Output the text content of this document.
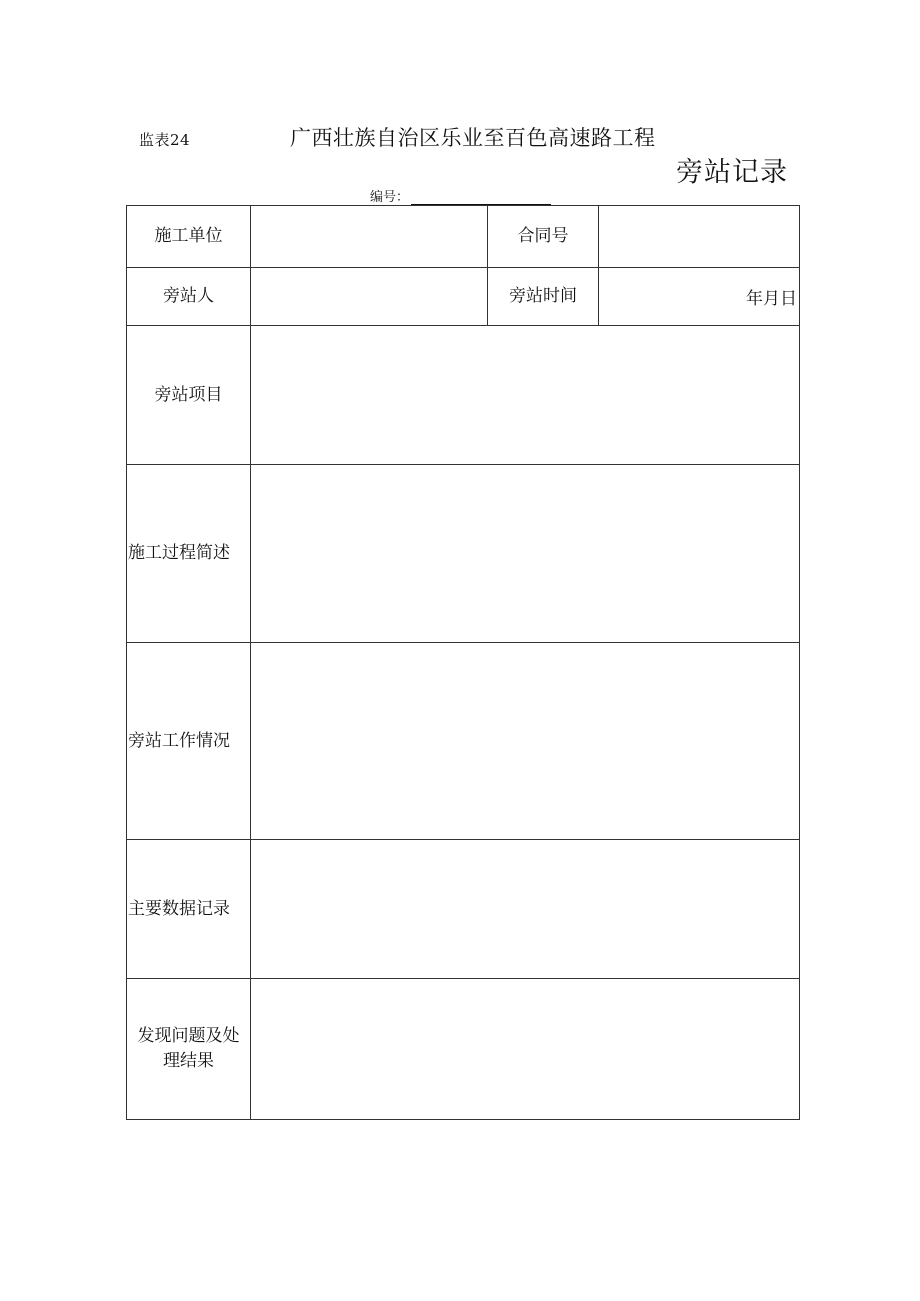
监表24	广西壮族自治区乐业至百色高速路工程
旁站记录
编号：
施工单位		合同号	
旁站人		旁站时间	年月日
旁站项目			
施工过程简述			
旁站工作情况			
主要数据记录			

发现问题及处
理结果			
